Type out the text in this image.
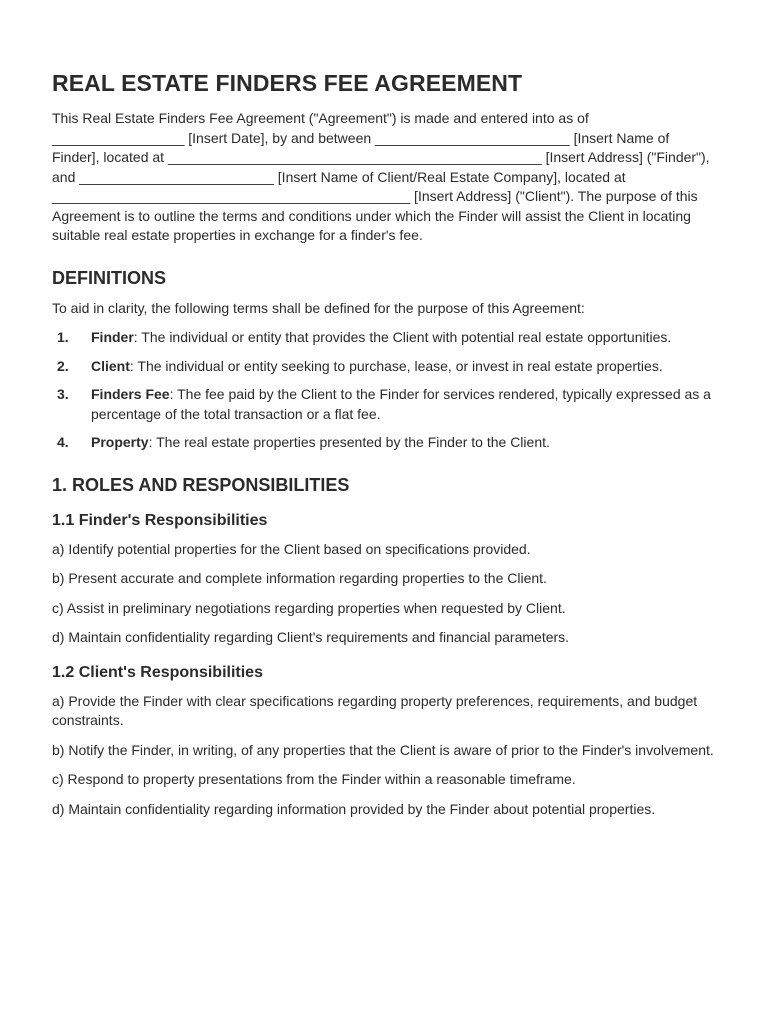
REAL ESTATE FINDERS FEE AGREEMENT

This Real Estate Finders Fee Agreement ("Agreement") is made and entered into as of _________________ [Insert Date], by and between _________________________ [Insert Name of Finder], located at ________________________________________________ [Insert Address] ("Finder"), and _________________________ [Insert Name of Client/Real Estate Company], located at ______________________________________________ [Insert Address] ("Client"). The purpose of this Agreement is to outline the terms and conditions under which the Finder will assist the Client in locating suitable real estate properties in exchange for a finder's fee.

DEFINITIONS

To aid in clarity, the following terms shall be defined for the purpose of this Agreement:

1. Finder: The individual or entity that provides the Client with potential real estate opportunities.
2. Client: The individual or entity seeking to purchase, lease, or invest in real estate properties.
3. Finders Fee: The fee paid by the Client to the Finder for services rendered, typically expressed as a percentage of the total transaction or a flat fee.
4. Property: The real estate properties presented by the Finder to the Client.
1. ROLES AND RESPONSIBILITIES
1.1 Finder's Responsibilities

a) Identify potential properties for the Client based on specifications provided.

b) Present accurate and complete information regarding properties to the Client.

c) Assist in preliminary negotiations regarding properties when requested by Client.

d) Maintain confidentiality regarding Client's requirements and financial parameters.

1.2 Client's Responsibilities

a) Provide the Finder with clear specifications regarding property preferences, requirements, and budget constraints.

b) Notify the Finder, in writing, of any properties that the Client is aware of prior to the Finder's involvement.

c) Respond to property presentations from the Finder within a reasonable timeframe.

d) Maintain confidentiality regarding information provided by the Finder about potential properties.
